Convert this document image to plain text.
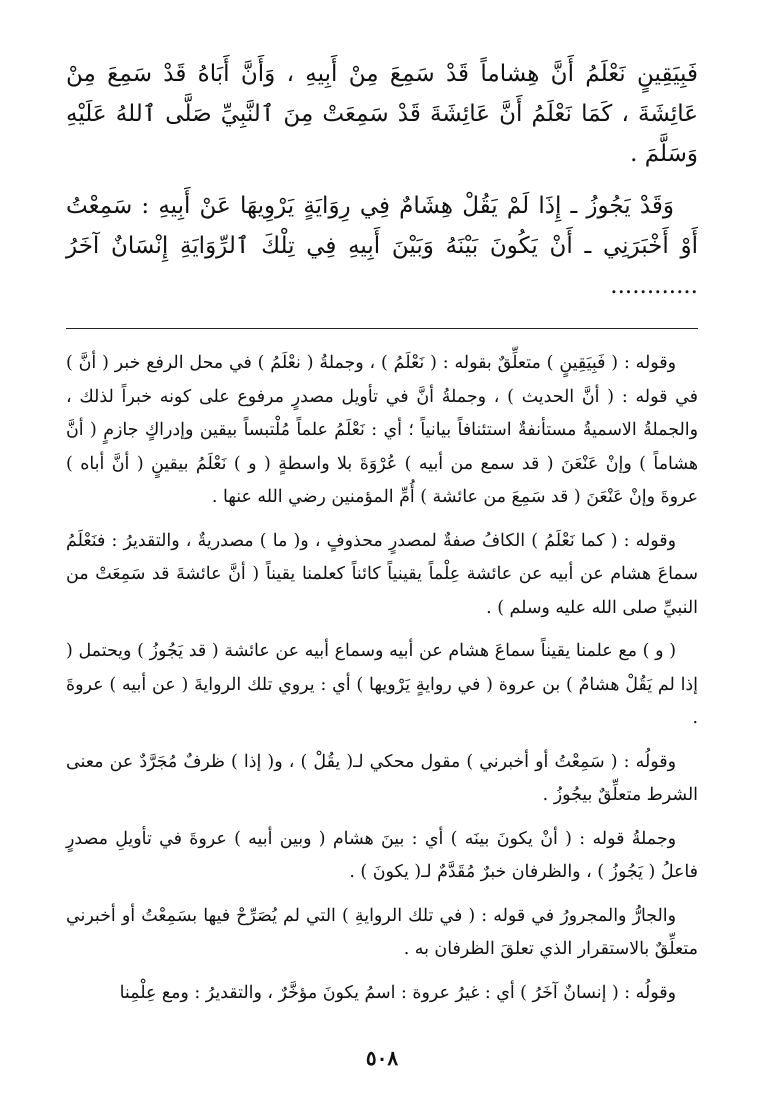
فَبِيَقِينٍ نَعْلَمُ أَنَّ هِشاماً قَدْ سَمِعَ مِنْ أَبِيهِ ، وَأَنَّ أَبَاهُ قَدْ سَمِعَ مِنْ عَائِشَةَ ، كَمَا نَعْلَمُ أَنَّ عَائِشَةَ قَدْ سَمِعَتْ مِنَ ٱلنَّبِيِّ صَلَّى ٱللهُ عَلَيْهِ وَسَلَّمَ .

وَقَدْ يَجُوزُ ـ إِذَا لَمْ يَقُلْ هِشَامٌ فِي رِوَايَةٍ يَرْوِيهَا عَنْ أَبِيهِ : سَمِعْتُ أَوْ أَخْبَرَنِي ـ أَنْ يَكُونَ بَيْنَهُ وَبَيْنَ أَبِيهِ فِي تِلْكَ ٱلرِّوَايَةِ إِنْسَانٌ آخَرُ ............

وقوله : ( فَبِيَقِينٍ ) متعلِّقٌ بقوله : ( نَعْلَمُ ) ، وجملةُ ( نعْلَمُ ) في محل الرفع خبر ( أنَّ ) في قوله : ( أنَّ الحديث ) ، وجملةُ أنَّ في تأويل مصدرٍ مرفوع على كونه خبراً لذلك ، والجملةُ الاسميةُ مستأنفةٌ استئنافاً بيانياً ؛ أي : نَعْلَمُ علماً مُلْتبساً بيقين وإدراكٍ جازمٍ ( أنَّ هشاماً ) وإنْ عَنْعَنَ ( قد سمع من أبيه ) عُرْوَةَ بلا واسطةٍ ( و ) نَعْلَمُ بيقينٍ ( أنَّ أباه ) عروةَ وإنْ عَنْعَنَ ( قد سَمِعَ من عائشة ) أُمِّ المؤمنين رضي الله عنها .

وقوله : ( كما نَعْلَمُ ) الكافُ صفةٌ لمصدرٍ محذوفٍ ، و( ما ) مصدريةٌ ، والتقديرُ : فنَعْلَمُ سماعَ هشام عن أبيه عن عائشة عِلْماً يقينياً كائناً كعلمنا يقيناً ( أنَّ عائشةَ قد سَمِعَتْ من النبيِّ صلى الله عليه وسلم ) .

( و ) مع علمنا يقيناً سماعَ هشام عن أبيه وسماع أبيه عن عائشة ( قد يَجُوزُ ) ويحتمل ( إذا لم يَقُلْ هشامٌ ) بن عروة ( في روايةٍ يَرْويها ) أي : يروي تلك الروايةَ ( عن أبيه ) عروةَ .

وقولُه : ( سَمِعْتُ أو أخبرني ) مقول محكي لـ( يقُلْ ) ، و( إذا ) ظرفٌ مُجَرَّدٌ عن معنى الشرط متعلِّقٌ بيجُوزُ .

وجملةُ قوله : ( أنْ يكونَ بينَه ) أي : بينَ هشام ( وبين أبيه ) عروةَ في تأويلِ مصدرٍ فاعلُ ( يَجُوزُ ) ، والظرفان خبرٌ مُقَدَّمٌ لـ( يكونَ ) .

والجارُّ والمجرورُ في قوله : ( في تلك الروايةِ ) التي لم يُصَرِّحْ فيها بسَمِعْتُ أو أخبرني متعلِّقٌ بالاستقرار الذي تعلقَ الظرفان به .

وقولُه : ( إنسانٌ آخَرُ ) أي : غيرُ عروة : اسمُ يكونَ مؤخَّرٌ ، والتقديرُ : ومع عِلْمِنا

٥٠٨
